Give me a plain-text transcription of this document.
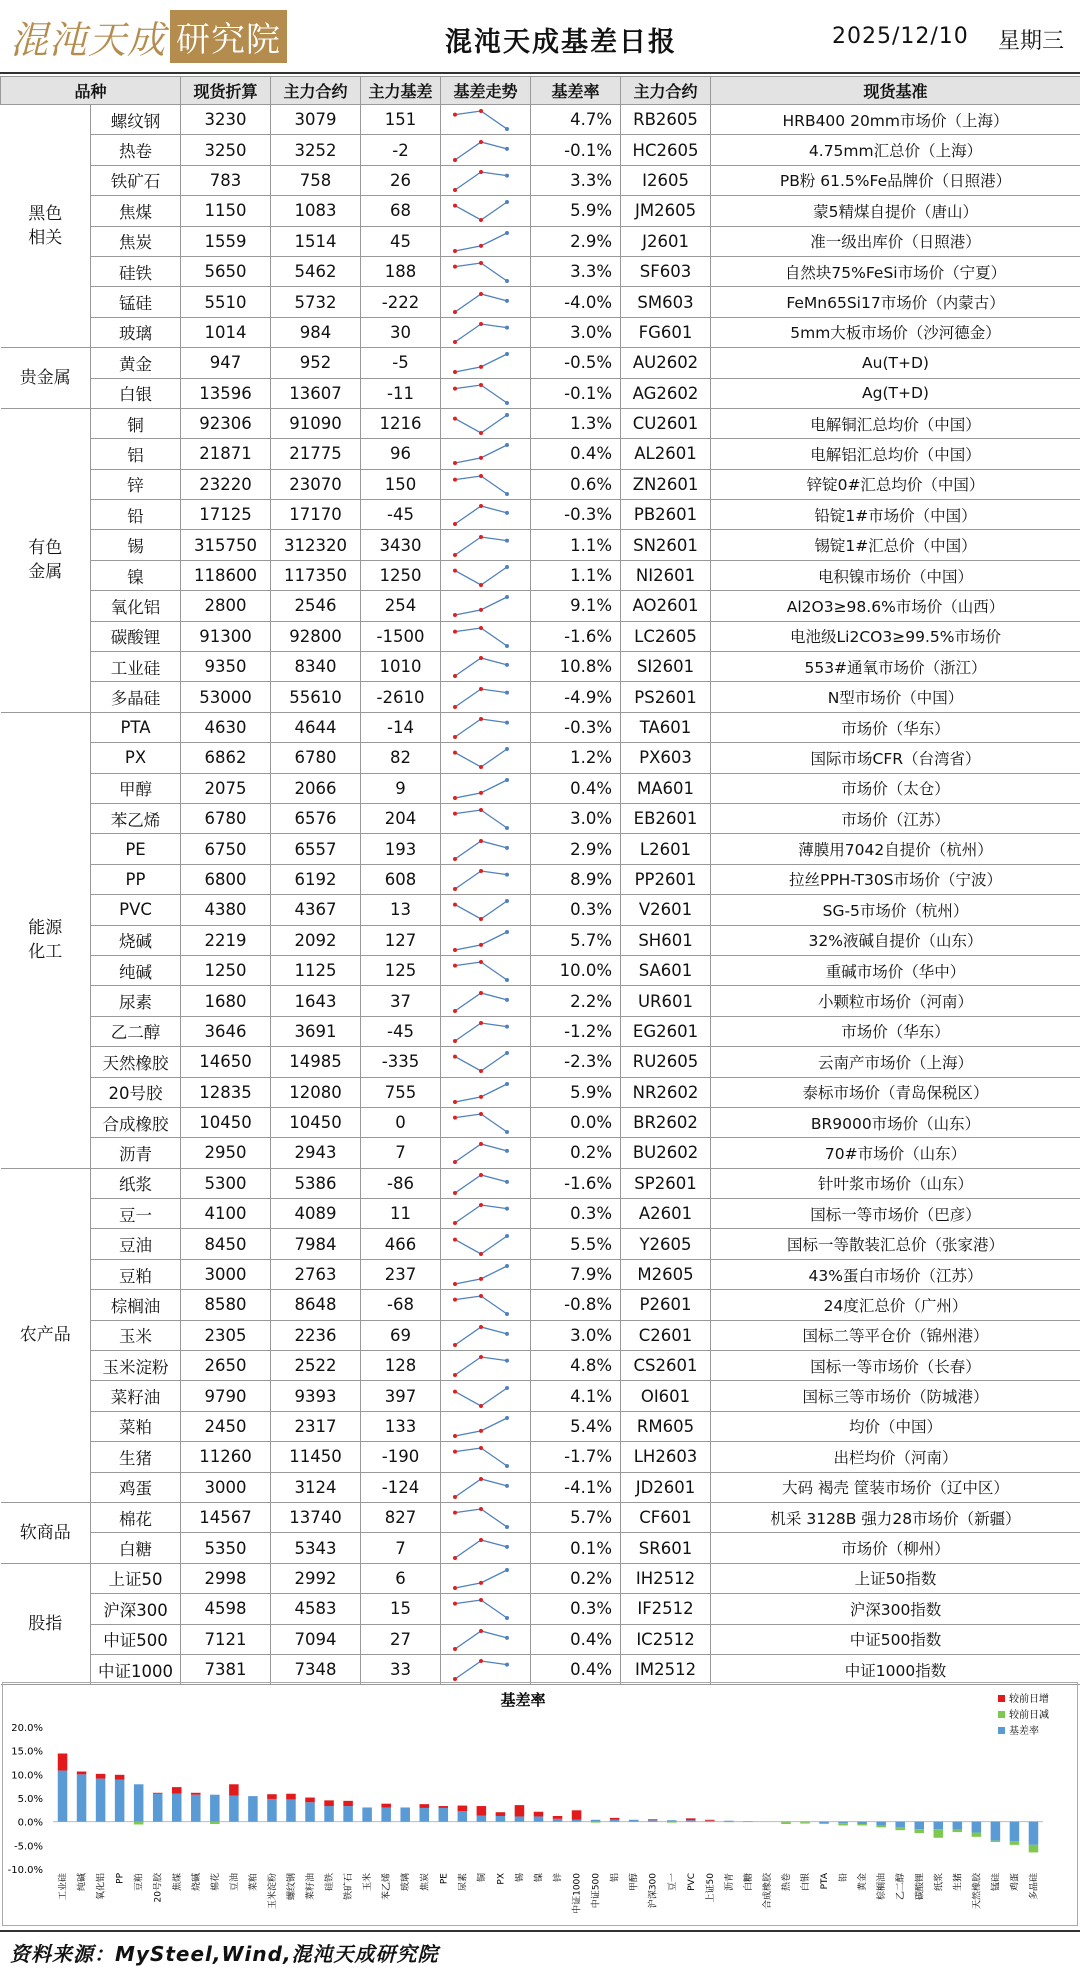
混沌天成 研究院	混沌天成基差日报	2025/12/10 星期三
品种		现货折算	主力合约	主力基差	基差走势	基差率	主力合约	现货基准
黑色
相关	螺纹钢	3230	3079	151		4.7%	RB2605	HRB400 20mm市场价（上海）
	热卷	3250	3252	-2		-0.1%	HC2605	4.75mm汇总价（上海）
	铁矿石	783	758	26		3.3%	I2605	PB粉 61.5%Fe品牌价（日照港）
	焦煤	1150	1083	68		5.9%	JM2605	蒙5精煤自提价（唐山）
	焦炭	1559	1514	45		2.9%	J2601	准一级出库价（日照港）
	硅铁	5650	5462	188		3.3%	SF603	自然块75%FeSi市场价（宁夏）
	锰硅	5510	5732	-222		-4.0%	SM603	FeMn65Si17市场价（内蒙古）
	玻璃	1014	984	30		3.0%	FG601	5mm大板市场价（沙河德金）
贵金属	黄金	947	952	-5		-0.5%	AU2602	Au(T+D)
	白银	13596	13607	-11		-0.1%	AG2602	Ag(T+D)
有色
金属	铜	92306	91090	1216		1.3%	CU2601	电解铜汇总均价（中国）
	铝	21871	21775	96		0.4%	AL2601	电解铝汇总均价（中国）
	锌	23220	23070	150		0.6%	ZN2601	锌锭0#汇总均价（中国）
	铅	17125	17170	-45		-0.3%	PB2601	铅锭1#市场价（中国）
	锡	315750	312320	3430		1.1%	SN2601	锡锭1#汇总价（中国）
	镍	118600	117350	1250		1.1%	NI2601	电积镍市场价（中国）
	氧化铝	2800	2546	254		9.1%	AO2601	Al2O3≥98.6%市场价（山西）
	碳酸锂	91300	92800	-1500		-1.6%	LC2605	电池级Li2CO3≥99.5%市场价
	工业硅	9350	8340	1010		10.8%	SI2601	553#通氧市场价（浙江）
	多晶硅	53000	55610	-2610		-4.9%	PS2601	N型市场价（中国）
能源
化工	PTA	4630	4644	-14		-0.3%	TA601	市场价（华东）
	PX	6862	6780	82		1.2%	PX603	国际市场CFR（台湾省）
	甲醇	2075	2066	9		0.4%	MA601	市场价（太仓）
	苯乙烯	6780	6576	204		3.0%	EB2601	市场价（江苏）
	PE	6750	6557	193		2.9%	L2601	薄膜用7042自提价（杭州）
	PP	6800	6192	608		8.9%	PP2601	拉丝PPH-T30S市场价（宁波）
	PVC	4380	4367	13		0.3%	V2601	SG-5市场价（杭州）
	烧碱	2219	2092	127		5.7%	SH601	32%液碱自提价（山东）
	纯碱	1250	1125	125		10.0%	SA601	重碱市场价（华中）
	尿素	1680	1643	37		2.2%	UR601	小颗粒市场价（河南）
	乙二醇	3646	3691	-45		-1.2%	EG2601	市场价（华东）
	天然橡胶	14650	14985	-335		-2.3%	RU2605	云南产市场价（上海）
	20号胶	12835	12080	755		5.9%	NR2602	泰标市场价（青岛保税区）
	合成橡胶	10450	10450	0		0.0%	BR2602	BR9000市场价（山东）
	沥青	2950	2943	7		0.2%	BU2602	70#市场价（山东）
农产品	纸浆	5300	5386	-86		-1.6%	SP2601	针叶浆市场价（山东）
	豆一	4100	4089	11		0.3%	A2601	国标一等市场价（巴彦）
	豆油	8450	7984	466		5.5%	Y2605	国标一等散装汇总价（张家港）
	豆粕	3000	2763	237		7.9%	M2605	43%蛋白市场价（江苏）
	棕榈油	8580	8648	-68		-0.8%	P2601	24度汇总价（广州）
	玉米	2305	2236	69		3.0%	C2601	国标二等平仓价（锦州港）
	玉米淀粉	2650	2522	128		4.8%	CS2601	国标一等市场价（长春）
	菜籽油	9790	9393	397		4.1%	OI601	国标三等市场价（防城港）
	菜粕	2450	2317	133		5.4%	RM605	均价（中国）
	生猪	11260	11450	-190		-1.7%	LH2603	出栏均价（河南）
	鸡蛋	3000	3124	-124		-4.1%	JD2601	大码 褐壳 筐装市场价（辽中区）
软商品	棉花	14567	13740	827		5.7%	CF601	机采 3128B 强力28市场价（新疆）
	白糖	5350	5343	7		0.1%	SR601	市场价（柳州）
股指	上证50	2998	2992	6		0.2%	IH2512	上证50指数
	沪深300	4598	4583	15		0.3%	IF2512	沪深300指数
	中证500	7121	7094	27		0.4%	IC2512	中证500指数
	中证1000	7381	7348	33		0.4%	IM2512	中证1000指数
基差率
20.0%
15.0%
10.0%
5.0%
0.0%
-5.0%
-10.0%
工业硅 纯碱 氧化铝 PP 豆粕 20号胶 焦煤 烧碱 棉花 豆油 菜粕 玉米淀粉 螺纹钢 菜籽油 硅铁 铁矿石 玉米 苯乙烯 玻璃 焦炭 PE 尿素 铜 PX 锡 镍 锌 中证1000 中证500 铝 甲醇 沪深300 豆一 PVC 上证50 沥青 白糖 合成橡胶 热卷 白银 PTA 铅 黄金 棕榈油 乙二醇 碳酸锂 纸浆 生猪 天然橡胶 锰硅 鸡蛋 多晶硅
较前日增
较前日减
基差率
资料来源：MySteel,Wind,混沌天成研究院
